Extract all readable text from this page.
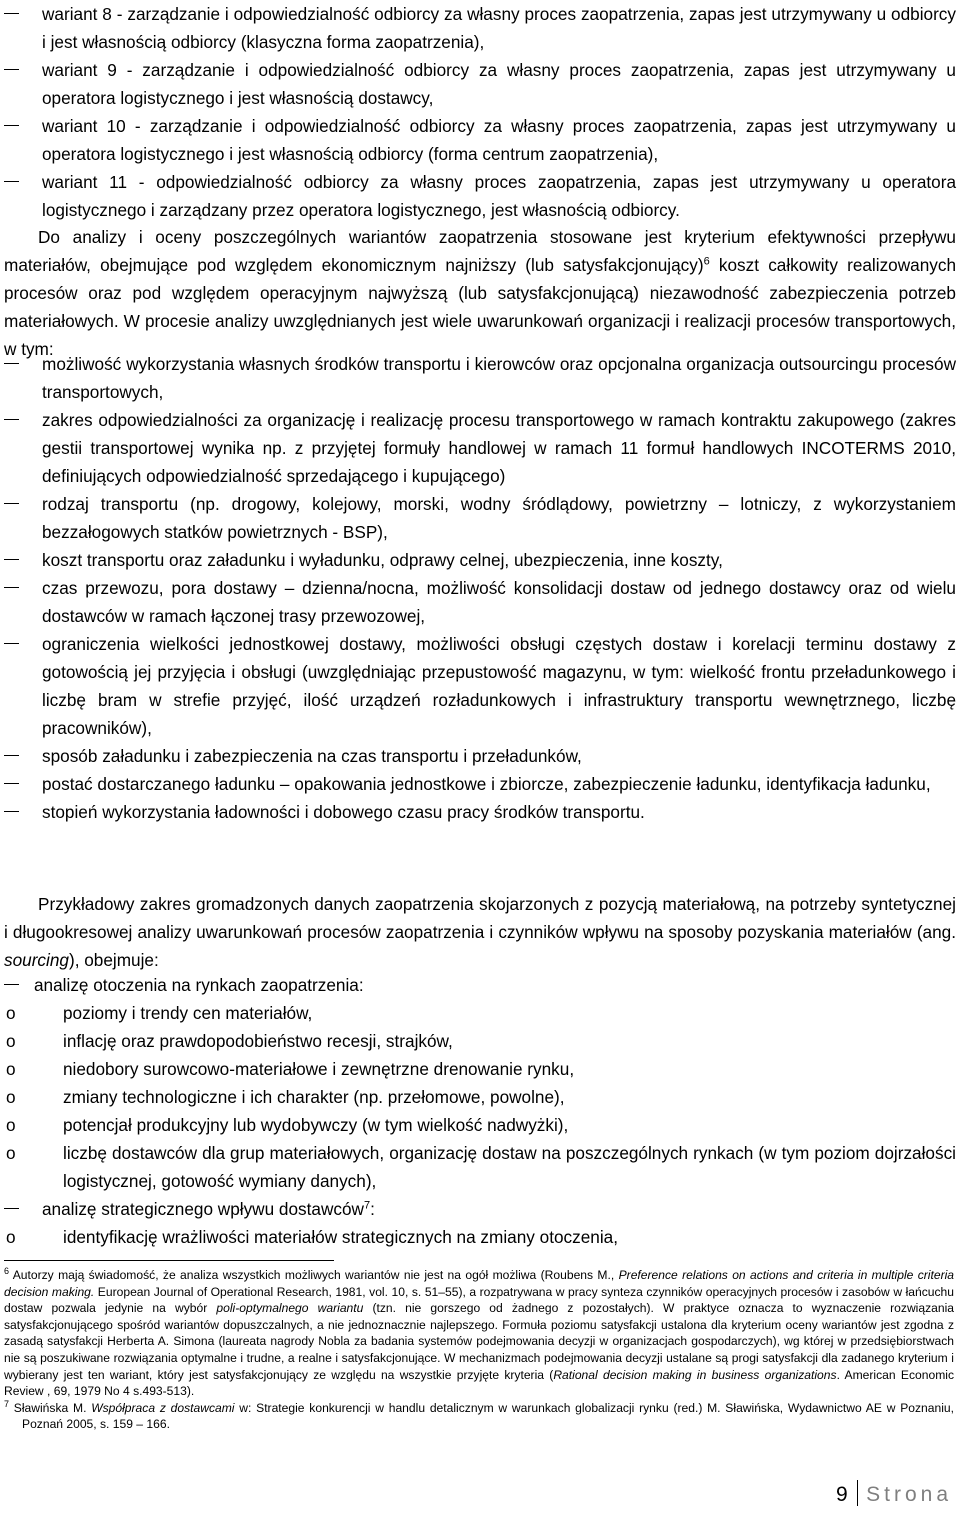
wariant 8 - zarządzanie i odpowiedzialność odbiorcy za własny proces zaopatrzenia, zapas jest utrzymywany u odbiorcy i jest własnością odbiorcy (klasyczna forma zaopatrzenia),
wariant 9 - zarządzanie i odpowiedzialność odbiorcy za własny proces zaopatrzenia, zapas jest utrzymywany u operatora logistycznego i jest własnością dostawcy,
wariant 10 - zarządzanie i odpowiedzialność odbiorcy za własny proces zaopatrzenia, zapas jest utrzymywany u operatora logistycznego i jest własnością odbiorcy (forma centrum zaopatrzenia),
wariant 11 - odpowiedzialność odbiorcy za własny proces zaopatrzenia, zapas jest utrzymywany u operatora logistycznego i zarządzany przez operatora logistycznego, jest własnością odbiorcy.

Do analizy i oceny poszczególnych wariantów zaopatrzenia stosowane jest kryterium efektywności przepływu materiałów, obejmujące pod względem ekonomicznym najniższy (lub satysfakcjonujący)$^6$ koszt całkowity realizowanych procesów oraz pod względem operacyjnym najwyższą (lub satysfakcjonującą) niezawodność zabezpieczenia potrzeb materiałowych. W procesie analizy uwzględnianych jest wiele uwarunkowań organizacji i realizacji procesów transportowych, w tym:

możliwość wykorzystania własnych środków transportu i kierowców oraz opcjonalna organizacja outsourcingu procesów transportowych,
zakres odpowiedzialności za organizację i realizację procesu transportowego w ramach kontraktu zakupowego (zakres gestii transportowej wynika np. z przyjętej formuły handlowej w ramach 11 formuł handlowych INCOTERMS 2010, definiujących odpowiedzialność sprzedającego i kupującego)
rodzaj transportu (np. drogowy, kolejowy, morski, wodny śródlądowy, powietrzny – lotniczy, z wykorzystaniem bezzałogowych statków powietrznych - BSP),
koszt transportu oraz załadunku i wyładunku, odprawy celnej, ubezpieczenia, inne koszty,
czas przewozu, pora dostawy – dzienna/nocna, możliwość konsolidacji dostaw od jednego dostawcy oraz od wielu dostawców w ramach łączonej trasy przewozowej,
ograniczenia wielkości jednostkowej dostawy, możliwości obsługi częstych dostaw i korelacji terminu dostawy z gotowością jej przyjęcia i obsługi (uwzględniając przepustowość magazynu, w tym: wielkość frontu przeładunkowego i liczbę bram w strefie przyjęć, ilość urządzeń rozładunkowych i infrastruktury transportu wewnętrznego, liczbę pracowników),
sposób załadunku i zabezpieczenia na czas transportu i przeładunków,
postać dostarczanego ładunku – opakowania jednostkowe i zbiorcze, zabezpieczenie ładunku, identyfikacja ładunku,
stopień wykorzystania ładowności i dobowego czasu pracy środków transportu.

Przykładowy zakres gromadzonych danych zaopatrzenia skojarzonych z pozycją materiałową, na potrzeby syntetycznej i długookresowej analizy uwarunkowań procesów zaopatrzenia i czynników wpływu na sposoby pozyskania materiałów (ang. sourcing), obejmuje:

analizę otoczenia na rynkach zaopatrzenia:
o	poziomy i trendy cen materiałów,
o	inflację oraz prawdopodobieństwo recesji, strajków,
o	niedobory surowcowo-materiałowe i zewnętrzne drenowanie rynku,
o	zmiany technologiczne i ich charakter (np. przełomowe, powolne),
o	potencjał produkcyjny lub wydobywczy (w tym wielkość nadwyżki),
o	liczbę dostawców dla grup materiałowych, organizację dostaw na poszczególnych rynkach (w tym poziom dojrzałości logistycznej, gotowość wymiany danych),
analizę strategicznego wpływu dostawców$^7$:
o	identyfikację wrażliwości materiałów strategicznych na zmiany otoczenia,

$^6$ Autorzy mają świadomość, że analiza wszystkich możliwych wariantów nie jest na ogół możliwa (Roubens M., Preference relations on actions and criteria in multiple criteria decision making. European Journal of Operational Research, 1981, vol. 10, s. 51–55), a rozpatrywana w pracy synteza czynników operacyjnych procesów i zasobów w łańcuchu dostaw pozwala jedynie na wybór poli-optymalnego wariantu (tzn. nie gorszego od żadnego z pozostałych). W praktyce oznacza to wyznaczenie rozwiązania satysfakcjonującego spośród wariantów dopuszczalnych, a nie jednoznacznie najlepszego. Formuła poziomu satysfakcji ustalona dla kryterium oceny wariantów jest zgodna z zasadą satysfakcji Herberta A. Simona (laureata nagrody Nobla za badania systemów podejmowania decyzji w organizacjach gospodarczych), wg której w przedsiębiorstwach nie są poszukiwane rozwiązania optymalne i trudne, a realne i satysfakcjonujące. W mechanizmach podejmowania decyzji ustalane są progi satysfakcji dla zadanego kryterium i wybierany jest ten wariant, który jest satysfakcjonujący ze względu na wszystkie przyjęte kryteria (Rational decision making in business organizations. American Economic Review , 69, 1979 No 4 s.493-513).

$^7$ Sławińska M. Współpraca z dostawcami w: Strategie konkurencji w handlu detalicznym w warunkach globalizacji rynku (red.) M. Sławińska, Wydawnictwo AE w Poznaniu, Poznań 2005, s. 159 – 166.

9 Strona
